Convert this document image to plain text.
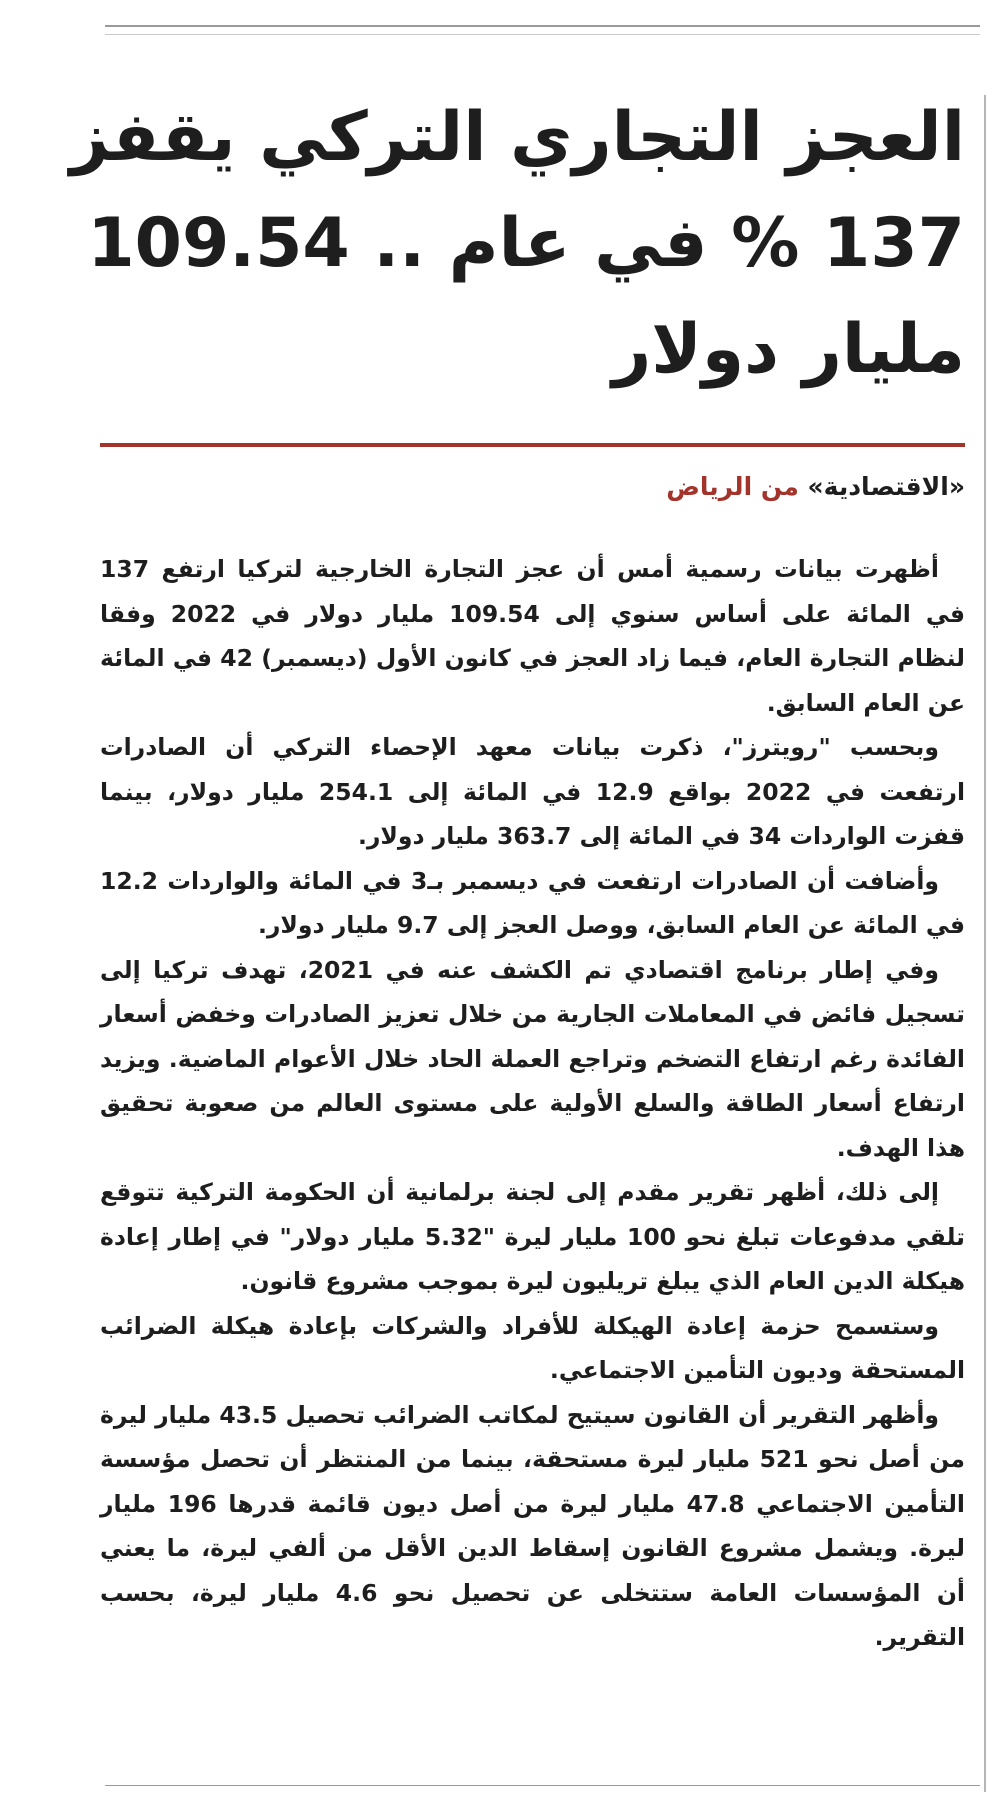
العجز التجاري التركي يقفز
137 % في عام .. 109.54
مليار دولار
«الاقتصادية» من الرياض

أظهرت بيانات رسمية أمس أن عجز التجارة الخارجية لتركيا ارتفع 137 في المائة على أساس سنوي إلى 109.54 مليار دولار في 2022 وفقا لنظام التجارة العام، فيما زاد العجز في كانون الأول (ديسمبر) 42 في المائة عن العام السابق.

وبحسب "رويترز"، ذكرت بيانات معهد الإحصاء التركي أن الصادرات ارتفعت في 2022 بواقع 12.9 في المائة إلى 254.1 مليار دولار، بينما قفزت الواردات 34 في المائة إلى 363.7 مليار دولار.

وأضافت أن الصادرات ارتفعت في ديسمبر بـ3 في المائة والواردات 12.2 في المائة عن العام السابق، ووصل العجز إلى 9.7 مليار دولار.

وفي إطار برنامج اقتصادي تم الكشف عنه في 2021، تهدف تركيا إلى تسجيل فائض في المعاملات الجارية من خلال تعزيز الصادرات وخفض أسعار الفائدة رغم ارتفاع التضخم وتراجع العملة الحاد خلال الأعوام الماضية. ويزيد ارتفاع أسعار الطاقة والسلع الأولية على مستوى العالم من صعوبة تحقيق هذا الهدف.

إلى ذلك، أظهر تقرير مقدم إلى لجنة برلمانية أن الحكومة التركية تتوقع تلقي مدفوعات تبلغ نحو 100 مليار ليرة "5.32 مليار دولار" في إطار إعادة هيكلة الدين العام الذي يبلغ تريليون ليرة بموجب مشروع قانون.

وستسمح حزمة إعادة الهيكلة للأفراد والشركات بإعادة هيكلة الضرائب المستحقة وديون التأمين الاجتماعي.

وأظهر التقرير أن القانون سيتيح لمكاتب الضرائب تحصيل 43.5 مليار ليرة من أصل نحو 521 مليار ليرة مستحقة، بينما من المنتظر أن تحصل مؤسسة التأمين الاجتماعي 47.8 مليار ليرة من أصل ديون قائمة قدرها 196 مليار ليرة. ويشمل مشروع القانون إسقاط الدين الأقل من ألفي ليرة، ما يعني أن المؤسسات العامة ستتخلى عن تحصيل نحو 4.6 مليار ليرة، بحسب التقرير.
